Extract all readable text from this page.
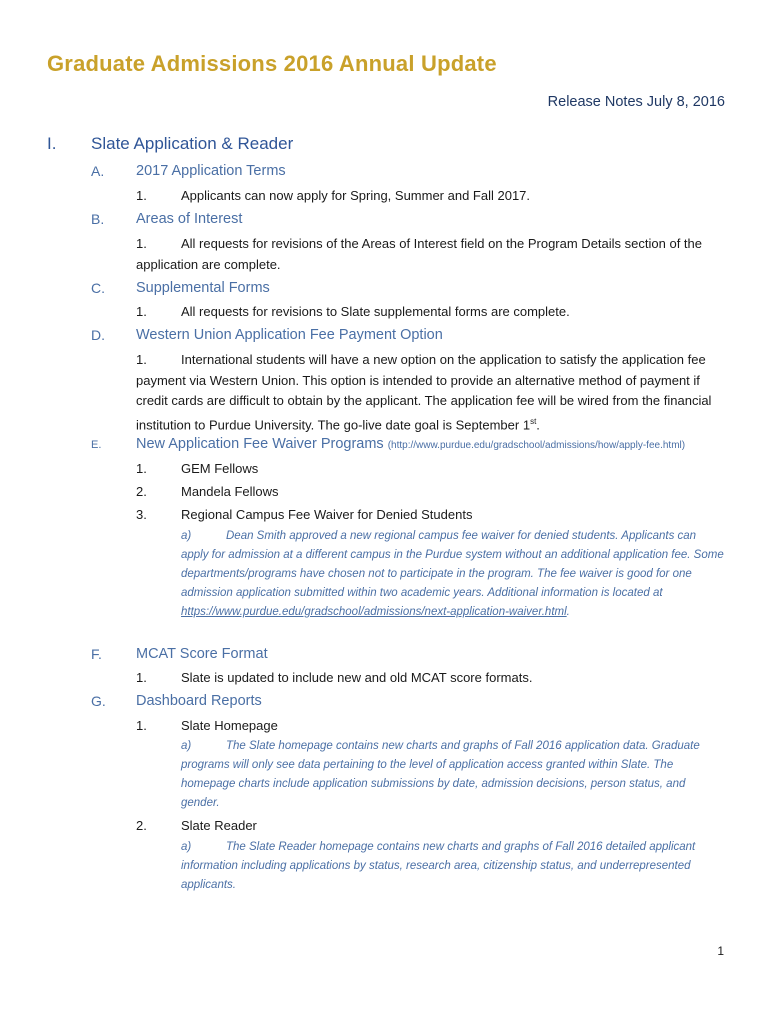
Graduate Admissions 2016 Annual Update
Release Notes July 8, 2016
I. Slate Application & Reader
A. 2017 Application Terms
1.	Applicants can now apply for Spring, Summer and Fall 2017.
B. Areas of Interest

1.	All requests for revisions of the Areas of Interest field on the Program Details section of the application are complete.

C. Supplemental Forms
1.	All requests for revisions to Slate supplemental forms are complete.
D. Western Union Application Fee Payment Option

1.	International students will have a new option on the application to satisfy the application fee payment via Western Union. This option is intended to provide an alternative method of payment if credit cards are difficult to obtain by the applicant. The application fee will be wired from the financial institution to Purdue University. The go-live date goal is September 1st.

E. New Application Fee Waiver Programs (http://www.purdue.edu/gradschool/admissions/how/apply-fee.html)
1.	GEM Fellows
2.	Mandela Fellows
3.	Regional Campus Fee Waiver for Denied Students

a)	Dean Smith approved a new regional campus fee waiver for denied students. Applicants can apply for admission at a different campus in the Purdue system without an additional application fee. Some departments/programs have chosen not to participate in the program. The fee waiver is good for one admission application submitted within two academic years. Additional information is located at https://www.purdue.edu/gradschool/admissions/next-application-waiver.html.

F. MCAT Score Format
1.	Slate is updated to include new and old MCAT score formats.
G. Dashboard Reports
1.	Slate Homepage

a)	The Slate homepage contains new charts and graphs of Fall 2016 application data. Graduate programs will only see data pertaining to the level of application access granted within Slate. The homepage charts include application submissions by date, admission decisions, person status, and gender.

2.	Slate Reader

a)	The Slate Reader homepage contains new charts and graphs of Fall 2016 detailed applicant information including applications by status, research area, citizenship status, and underrepresented applicants.

1
